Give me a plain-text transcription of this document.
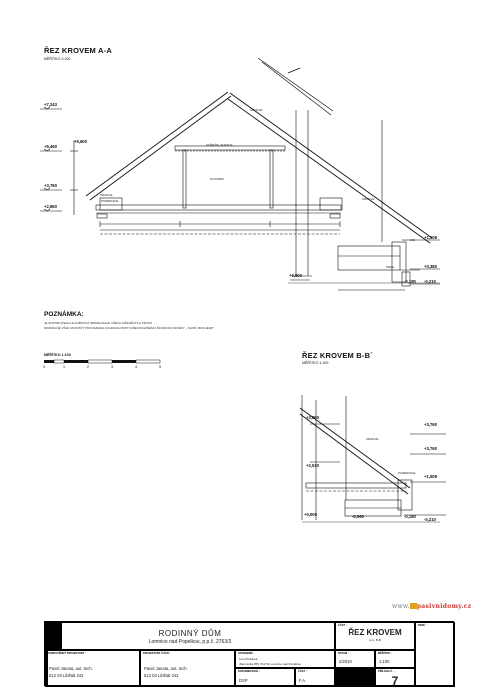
ŘEZ KROVEM A-A
MĚŘÍTKO 1:100
STŘEŠNÍ VAZNICE
SLOUPEK
KROKVE
POZEDNICE	KROKVE
PRAH
VAZNICE
KROKVE
KROKVE
POZEDNICE
+7,243
+5,460
+5,600
+3,760
+2,860
+1,508
+0,000
+0,380
-0,180 -0,210
POZNÁMKA:
JE DOPORUČENA HLOUBKOVÁ IMPREGNACE VŠECH DŘEVĚNÝCH PRVKŮ
MINIMÁLNĚ VŠAK MUSÍ BÝT PROVEDENA OCHRANA PROTI DŘEVOKAZNÉMU ŠKŮDCŮM NÁTĚRY – NAPŘ. BOCHEMIT
MĚŘÍTKO 1:100
0	1	2	3	4	5
ŘEZ KROVEM B-B´
MĚŘÍTKO 1:100
+3,760
+2,860
+2,510
+3,760
+1,508
+0,000	-0,060	-0,180
-0,210
www. pasivnidomy.cz
RODINNÝ DŮM
Lomnice nad Popelkou, p.p.č. 2763/3
ČÁST :
ŘEZ KROVEM
A-A, B-B
PARÉ :
ZODPOVĚDNÝ PROJEKTANT :
Pavel Janata, aut. tech.
512 03 Libštát 242
PROJEKTANT ČÁSTI :
Pavel Janata, aut. tech.
512 03 Libštát 242
STAVEBNÍK :
Lenti Pekárek
Jilemnická 355, 512 51 Lomnice nad Popelkou
DOKUMENTACE :
DSP
ČÁST :
F.A.
DATUM :
2/2010
MĚŘÍTKO :
1:100
PŘÍLOHA Č. :
7
